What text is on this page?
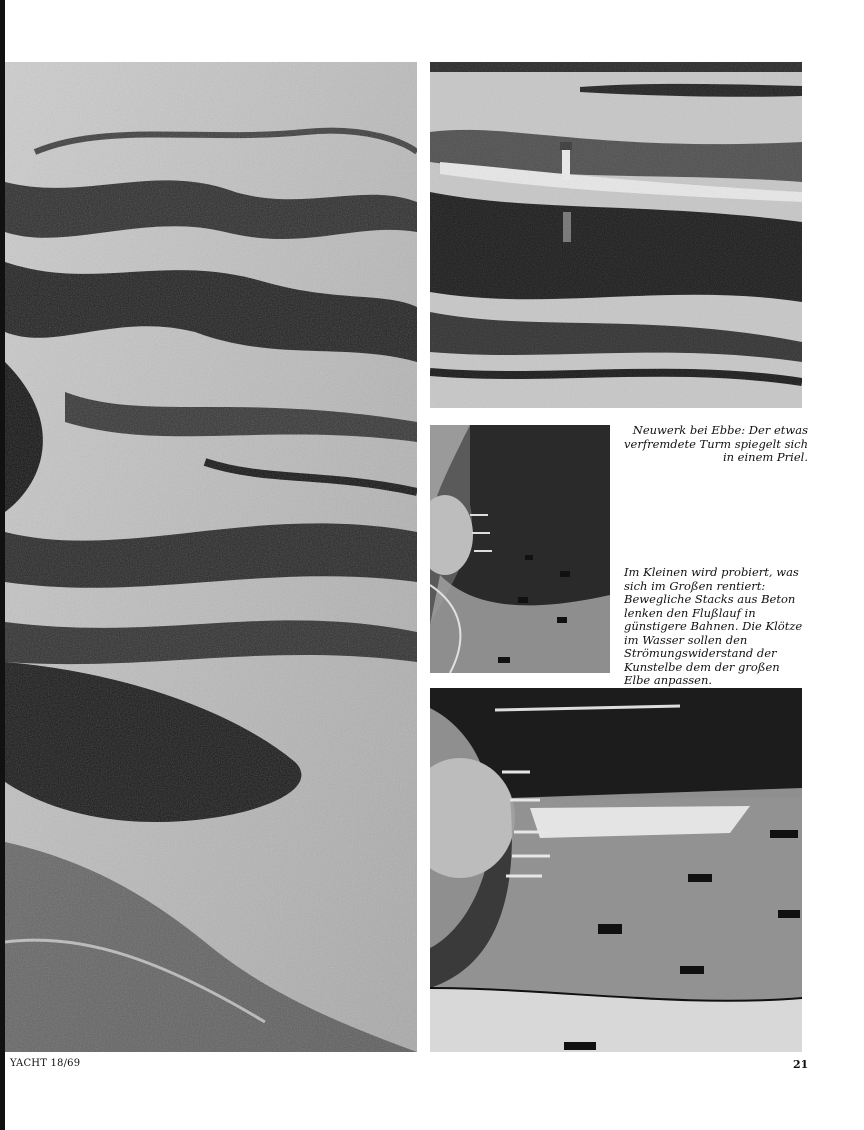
Neuwerk bei Ebbe: Der etwas verfremdete Turm spiegelt sich in einem Priel.

Im Kleinen wird probiert, was sich im Großen rentiert: Bewegliche Stacks aus Beton lenken den Flußlauf in günstigere Bahnen. Die Klötze im Wasser sollen den Strömungswiderstand der Kunstelbe dem der großen Elbe anpassen.

YACHT 18/69	21
